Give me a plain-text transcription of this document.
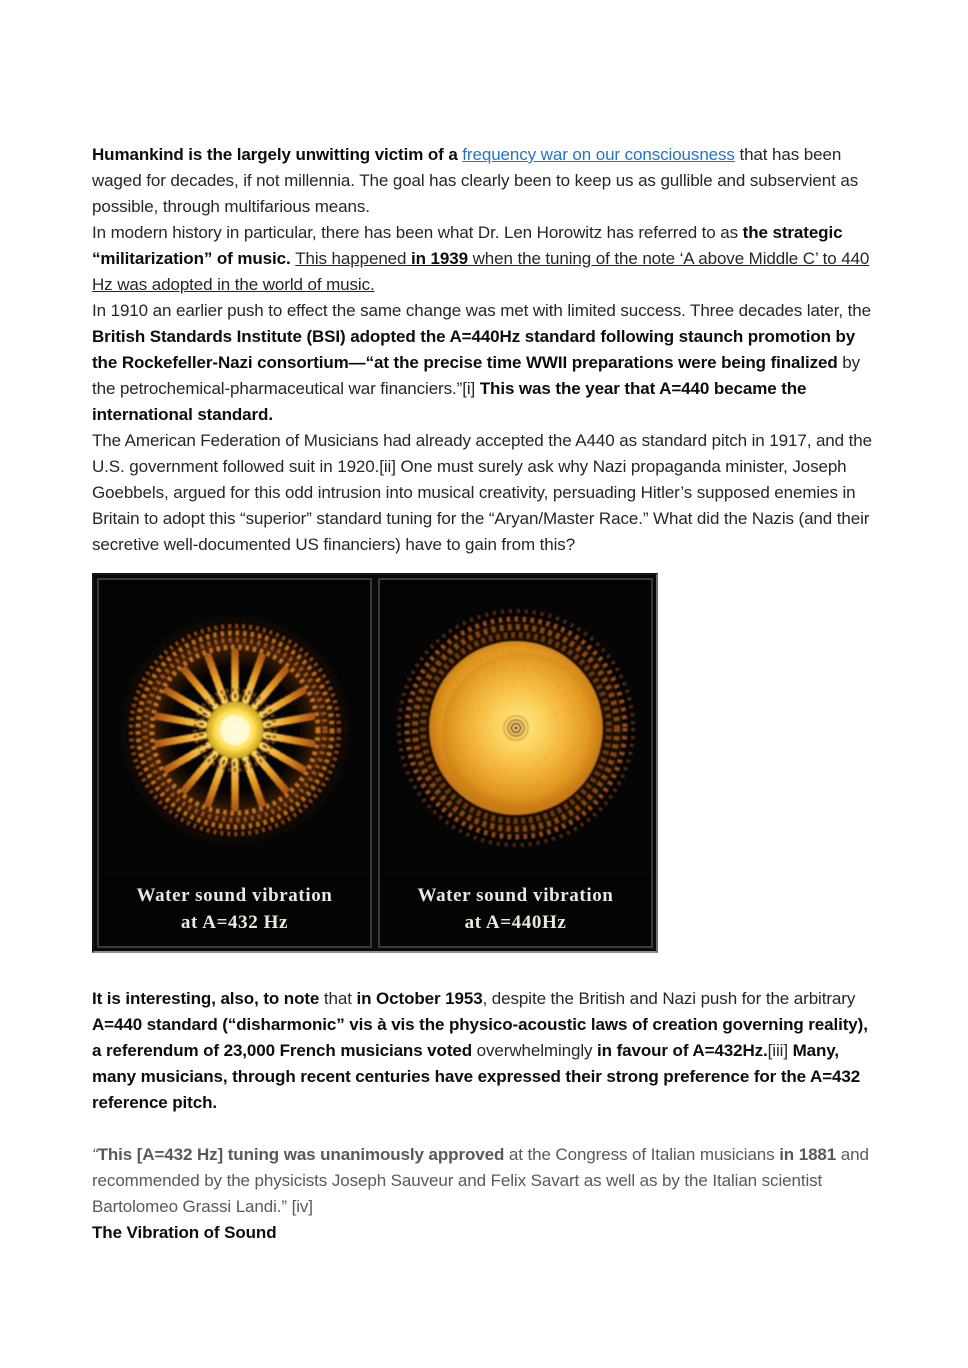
Humankind is the largely unwitting victim of a frequency war on our consciousness that has been waged for decades, if not millennia. The goal has clearly been to keep us as gullible and subservient as possible, through multifarious means.

In modern history in particular, there has been what Dr. Len Horowitz has referred to as the strategic “militarization” of music. This happened in 1939 when the tuning of the note ‘A above Middle C’ to 440 Hz was adopted in the world of music.

In 1910 an earlier push to effect the same change was met with limited success. Three decades later, the British Standards Institute (BSI) adopted the A=440Hz standard following staunch promotion by the Rockefeller-Nazi consortium—“at the precise time WWII preparations were being finalized by the petrochemical-pharmaceutical war financiers.”[i] This was the year that A=440 became the international standard.

The American Federation of Musicians had already accepted the A440 as standard pitch in 1917, and the U.S. government followed suit in 1920.[ii] One must surely ask why Nazi propaganda minister, Joseph Goebbels, argued for this odd intrusion into musical creativity, persuading Hitler’s supposed enemies in Britain to adopt this “superior” standard tuning for the “Aryan/Master Race.” What did the Nazis (and their secretive well-documented US financiers) have to gain from this?

Water sound vibration
at A=432 Hz
Water sound vibration
at A=440Hz

It is interesting, also, to note that in October 1953, despite the British and Nazi push for the arbitrary A=440 standard (“disharmonic” vis à vis the physico-acoustic laws of creation governing reality), a referendum of 23,000 French musicians voted overwhelmingly in favour of A=432Hz.[iii] Many, many musicians, through recent centuries have expressed their strong preference for the A=432 reference pitch.

“This [A=432 Hz] tuning was unanimously approved at the Congress of Italian musicians in 1881 and recommended by the physicists Joseph Sauveur and Felix Savart as well as by the Italian scientist Bartolomeo Grassi Landi.” [iv]

The Vibration of Sound
